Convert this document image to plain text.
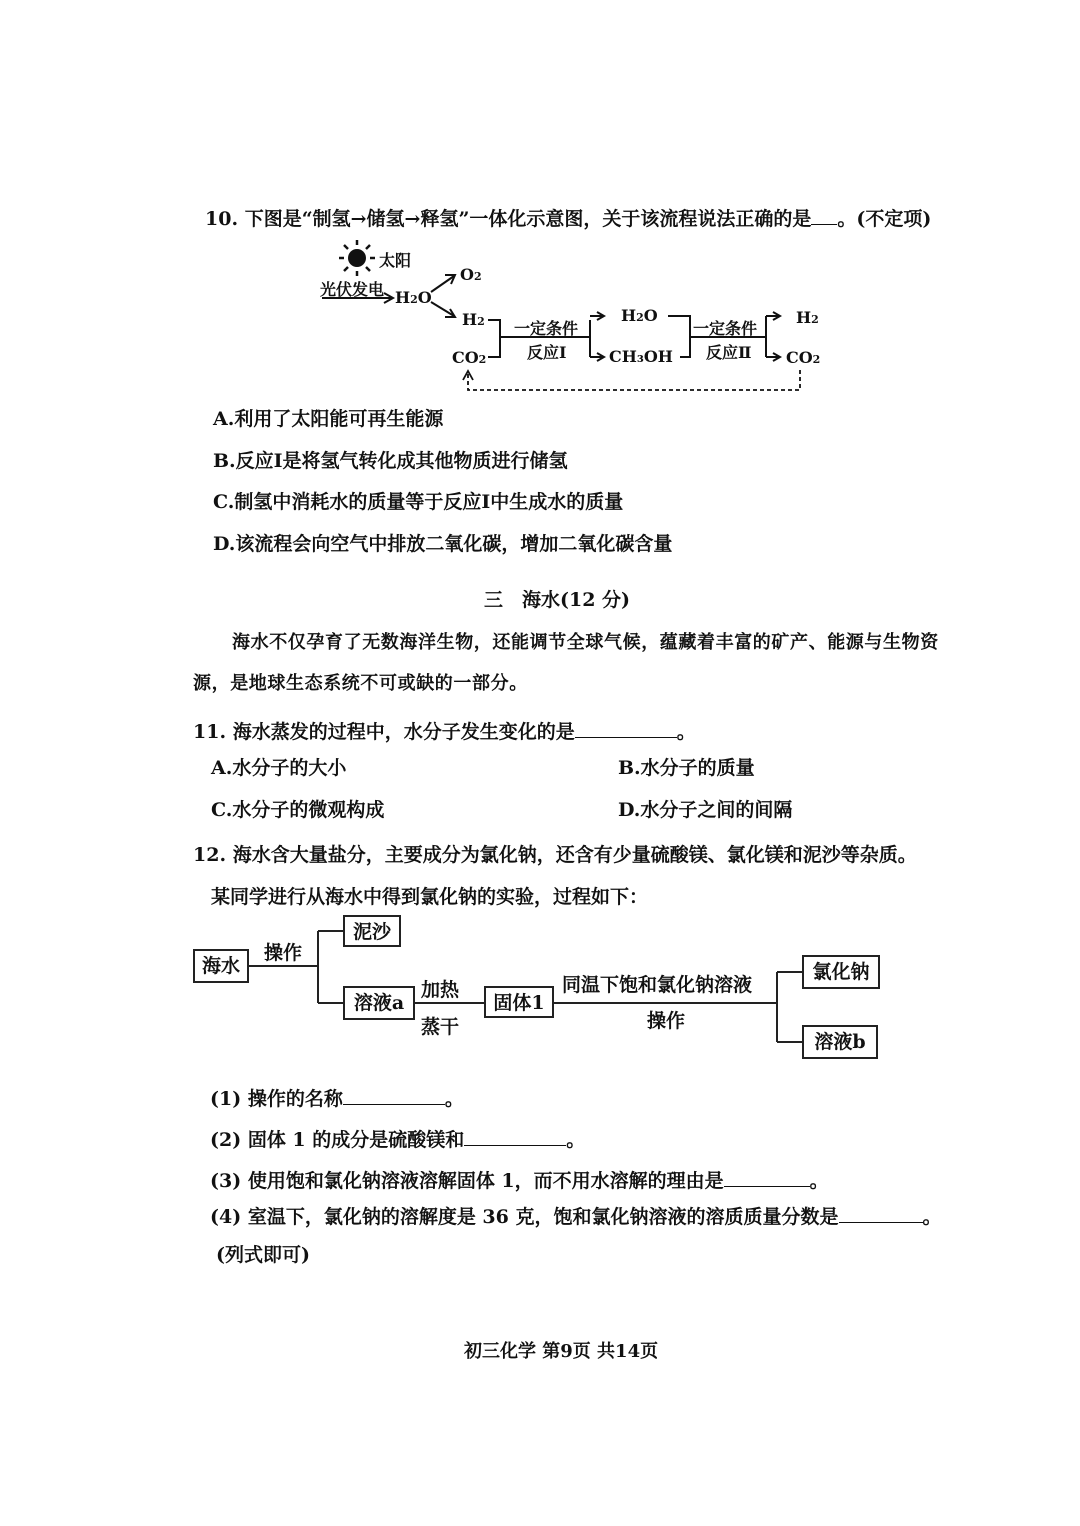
10. 下图是“制氢→储氢→释氢”一体化示意图，关于该流程说法正确的是 。(不定项)
太阳
光伏发电 H2O
O2
H2
CO2
一定条件
反应Ⅰ
H2O
CH₃OH
一定条件
反应Ⅱ
H2
CO2
A.利用了太阳能可再生能源
B.反应Ⅰ是将氢气转化成其他物质进行储氢
C.制氢中消耗水的质量等于反应Ⅰ中生成水的质量
D.该流程会向空气中排放二氧化碳，增加二氧化碳含量
三　海水(12 分)
海水不仅孕育了无数海洋生物，还能调节全球气候，蕴藏着丰富的矿产、能源与生物资
源，是地球生态系统不可或缺的一部分。
11. 海水蒸发的过程中，水分子发生变化的是	。
A.水分子的大小	B.水分子的质量
C.水分子的微观构成	D.水分子之间的间隔
12. 海水含大量盐分，主要成分为氯化钠，还含有少量硫酸镁、氯化镁和泥沙等杂质。
某同学进行从海水中得到氯化钠的实验，过程如下：
海水
泥沙
溶液a	固体1
氯化钠
溶液b
操作
加热
蒸干
同温下饱和氯化钠溶液
操作
(1) 操作的名称	。
(2) 固体 1 的成分是硫酸镁和	。
(3) 使用饱和氯化钠溶液溶解固体 1，而不用水溶解的理由是	。
(4) 室温下，氯化钠的溶解度是 36 克，饱和氯化钠溶液的溶质质量分数是	。
(列式即可)
初三化学 第9页 共14页
